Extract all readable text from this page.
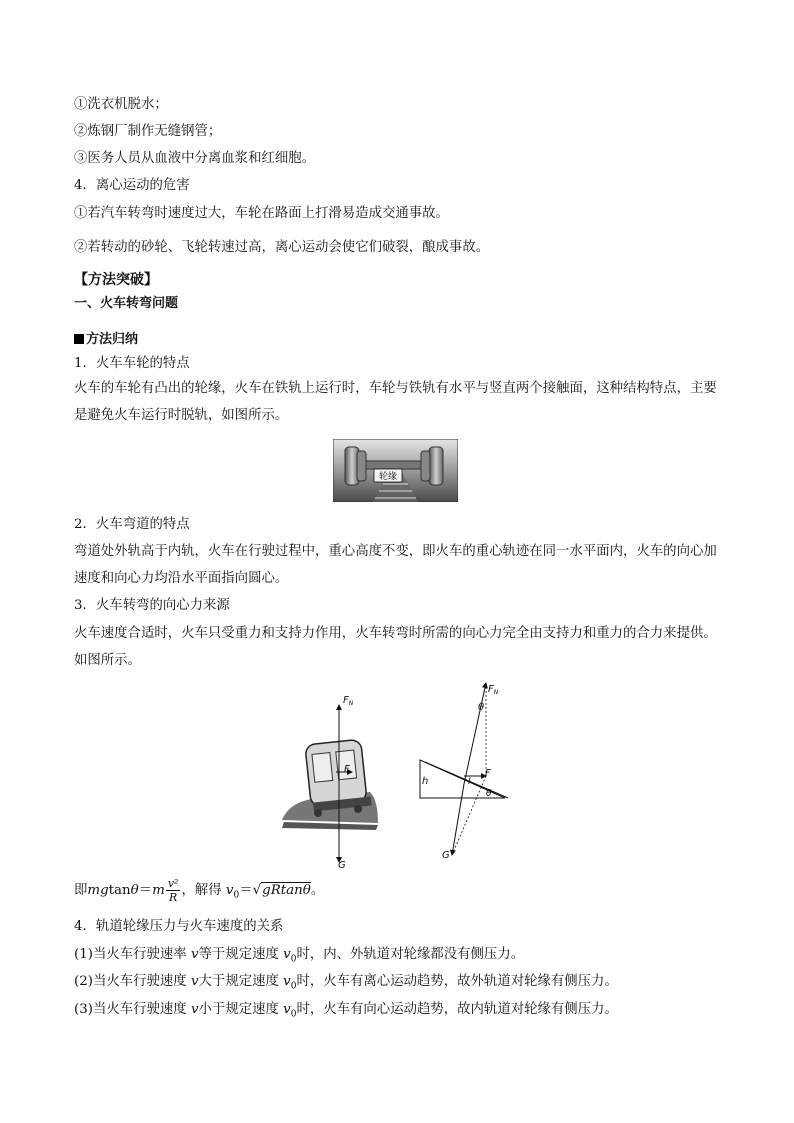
①洗衣机脱水；
②炼钢厂制作无缝钢管；
③医务人员从血液中分离血浆和红细胞。
4．离心运动的危害
①若汽车转弯时速度过大，车轮在路面上打滑易造成交通事故。
②若转动的砂轮、飞轮转速过高，离心运动会使它们破裂，酿成事故。
【方法突破】
一、火车转弯问题
方法归纳
1．火车车轮的特点
火车的车轮有凸出的轮缘，火车在铁轨上运行时，车轮与铁轨有水平与竖直两个接触面，这种结构特点，主要是避免火车运行时脱轨，如图所示。
轮缘
2．火车弯道的特点
弯道处外轨高于内轨，火车在行驶过程中，重心高度不变，即火车的重心轨迹在同一水平面内，火车的向心加速度和向心力均沿水平面指向圆心。
3．火车转弯的向心力来源
火车速度合适时，火车只受重力和支持力作用，火车转弯时所需的向心力完全由支持力和重力的合力来提供。如图所示。
$F_N$
F
G
$F_N$
θ
F
l
θ
h
G
即$mgtan\theta=m \frac{\text{v²}}{R}$ ，解得 $v_0=√gRtan\theta$。
4．轨道轮缘压力与火车速度的关系
(1)当火车行驶速率 v等于规定速度 $v_0$时，内、外轨道对轮缘都没有侧压力。
(2)当火车行驶速度 v大于规定速度 $v_0$时，火车有离心运动趋势，故外轨道对轮缘有侧压力。
(3)当火车行驶速度 v小于规定速度 $v_0$时，火车有向心运动趋势，故内轨道对轮缘有侧压力。
